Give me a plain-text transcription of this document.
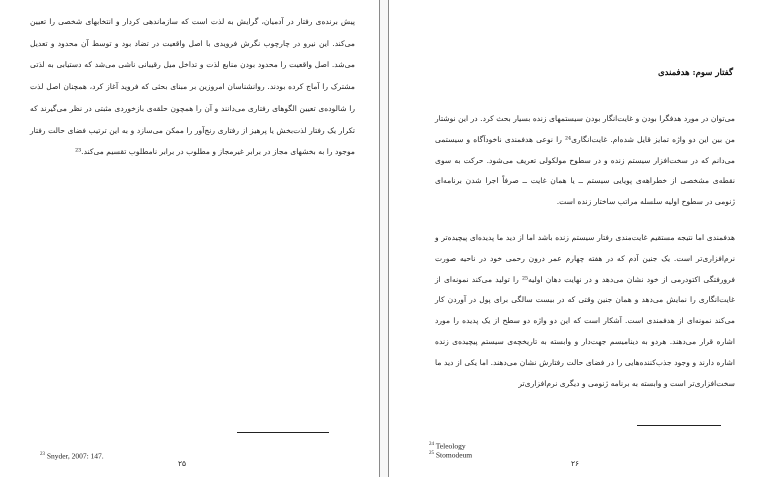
پیش برنده‌ی رفتار در آدمیان، گرایش به لذت است که سازماندهی کردار و انتخابهای شخصی را تعیین می‌کند. این نیرو در چارچوب نگرش فرویدی با اصل واقعیت در تضاد بود و توسط آن محدود و تعدیل می‌شد. اصل واقعیت را محدود بودن منابع لذت و تداخل میل رقیبانی ناشی می‌شد که دستیابی به لذتی مشترک را آماج کرده بودند. روانشناسان امروزین بر مبنای بحثی که فروید آغاز کرد، همچنان اصل لذت را شالوده‌ی تعیین الگوهای رفتاری می‌دانند و آن را همچون حلقه‌ی بازخوردی مثبتی در نظر می‌گیرند که تکرار یک رفتار لذت‌بخش یا پرهیز از رفتاری رنج‌آور را ممکن می‌سازد و به این ترتیب فضای حالت رفتار موجود را به بخشهای مجاز در برابر غیرمجاز و مطلوب در برابر نامطلوب تقسیم می‌کند.²³

$^{23}$ Snyder, 2007: 147.
۲۵
گفتار سوم: هدفمندی

می‌توان در مورد هدفگرا بودن و غایت‌انگار بودن سیستمهای زنده بسیار بحث کرد. در این نوشتار من بین این دو واژه تمایز قایل شده‌ام. غایت‌انگاری²⁴ را نوعی هدفمندی ناخودآگاه و سیستمی می‌دانم که در سخت‌افزار سیستم زنده و در سطوح مولکولی تعریف می‌شود. حرکت به سوی نقطه‌ی مشخصی از خطراهه‌ی پویایی سیستم ــ یا همان غایت ــ صرفاً اجرا شدن برنامه‌ای ژنومی در سطوح اولیه سلسله مراتب ساختار زنده است.

هدفمندی اما نتیجه مستقیم غایت‌مندی رفتار سیستم زنده باشد اما از دید ما پدیده‌ای پیچیده‌تر و نرم‌افزاری‌تر است. یک جنین آدم که در هفته چهارم عمر درون رحمی خود در ناحیه صورت فرورفتگی اکتودرمی از خود نشان می‌دهد و در نهایت دهان اولیه²⁵ را تولید می‌کند نمونه‌ای از غایت‌انگاری را نمایش می‌دهد و همان جنین وقتی که در بیست سالگی برای پول در آوردن کار می‌کند نمونه‌ای از هدفمندی است. آشکار است که این دو واژه دو سطح از یک پدیده را مورد اشاره قرار می‌دهند. هردو به دینامیسم جهت‌دار و وابسته به تاریخچه‌ی سیستم پیچیده‌ی زنده اشاره دارند و وجود جذب‌کننده‌هایی را در فضای حالت رفتارش نشان می‌دهند. اما یکی از دید ما سخت‌افزاری‌تر است و وابسته به برنامه ژنومی و دیگری نرم‌افزاری‌تر

$^{24}$ Teleology
$^{25}$ Stomodeum
۲۶
